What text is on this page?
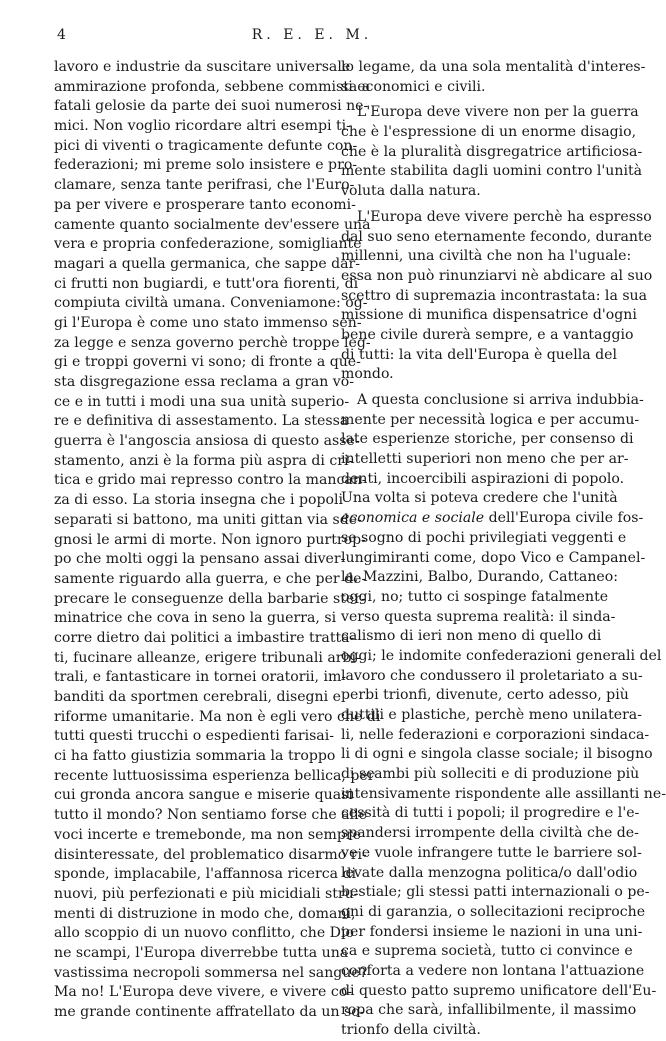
4	R. E. E. M.
lavoro e industrie da suscitare universale
ammirazione profonda, sebbene commista a
fatali gelosie da parte dei suoi numerosi ne-
mici. Non voglio ricordare altri esempi ti-
pici di viventi o tragicamente defunte con-
federazioni; mi preme solo insistere e pro-
clamare, senza tante perifrasi, che l'Euro-
pa per vivere e prosperare tanto economi-
camente quanto socialmente dev'essere una
vera e propria confederazione, somigliante
magari a quella germanica, che sappe dar-
ci frutti non bugiardi, e tutt'ora fiorenti, di
compiuta civiltà umana. Conveniamone: og-
gi l'Europa è come uno stato immenso sen-
za legge e senza governo perchè troppe leg-
gi e troppi governi vi sono; di fronte a que-
sta disgregazione essa reclama a gran vo-
ce e in tutti i modi una sua unità superio-
re e definitiva di assestamento. La stessa
guerra è l'angoscia ansiosa di questo asse-
stamento, anzi è la forma più aspra di cri-
tica e grido mai represso contro la mancan-
za di esso. La storia insegna che i popoli
separati si battono, ma uniti gittan via sde-
gnosi le armi di morte. Non ignoro purtrop-
po che molti oggi la pensano assai diver-
samente riguardo alla guerra, e che per de-
precare le conseguenze della barbarie ster-
minatrice che cova in seno la guerra, si
corre dietro dai politici a imbastire tratta-
ti, fucinare alleanze, erigere tribunali arbi-
trali, e fantasticare in tornei oratorii, im-
banditi da sportmen cerebrali, disegni e
riforme umanitarie. Ma non è egli vero che di
tutti questi trucchi o espedienti farisai-
ci ha fatto giustizia sommaria la troppo
recente luttuosissima esperienza bellica, per
cui gronda ancora sangue e miserie quasi
tutto il mondo? Non sentiamo forse che alle
voci incerte e tremebonde, ma non sempre
disinteressate, del problematico disarmo ri-
sponde, implacabile, l'affannosa ricerca di
nuovi, più perfezionati e più micidiali stru-
menti di distruzione in modo che, domani,
allo scoppio di un nuovo conflitto, che Dio
ne scampi, l'Europa diverrebbe tutta una
vastissima necropoli sommersa nel sangue?
Ma no! L'Europa deve vivere, e vivere co-
me grande continente affratellato da un so-
lo legame, da una sola mentalità d'interes-
si economici e civili.
L'Europa deve vivere non per la guerra
che è l'espressione di un enorme disagio,
che è la pluralità disgregatrice artificiosa-
mente stabilita dagli uomini contro l'unità
voluta dalla natura.
L'Europa deve vivere perchè ha espresso
dal suo seno eternamente fecondo, durante
millenni, una civiltà che non ha l'uguale:
essa non può rinunziarvi nè abdicare al suo
scettro di supremazia incontrastata: la sua
missione di munifica dispensatrice d'ogni
bene civile durerà sempre, e a vantaggio
di tutti: la vita dell'Europa è quella del
mondo.
A questa conclusione si arriva indubbia-
mente per necessità logica e per accumu-
late esperienze storiche, per consenso di
intelletti superiori non meno che per ar-
denti, incoercibili aspirazioni di popolo.
Una volta si poteva credere che l'unità
economica e sociale dell'Europa civile fos-
se sogno di pochi privilegiati veggenti e
lungimiranti come, dopo Vico e Campanel-
la, Mazzini, Balbo, Durando, Cattaneo:
oggi, no; tutto ci sospinge fatalmente
verso questa suprema realità: il sinda-
calismo di ieri non meno di quello di
oggi; le indomite confederazioni generali del
lavoro che condussero il proletariato a su-
perbi trionfi, divenute, certo adesso, più
duttili e plastiche, perchè meno unilatera-
li, nelle federazioni e corporazioni sindaca-
li di ogni e singola classe sociale; il bisogno
di scambi più solleciti e di produzione più
intensivamente rispondente alle assillanti ne-
cessità di tutti i popoli; il progredire e l'e-
spandersi irrompente della civiltà che de-
ve e vuole infrangere tutte le barriere sol-
levate dalla menzogna politica/o dall'odio
bestiale; gli stessi patti internazionali o pe-
gni di garanzia, o sollecitazioni reciproche
per fondersi insieme le nazioni in una uni-
ca e suprema società, tutto ci convince e
conforta a vedere non lontana l'attuazione
di questo patto supremo unificatore dell'Eu-
ropa che sarà, infallibilmente, il massimo
trionfo della civiltà.
